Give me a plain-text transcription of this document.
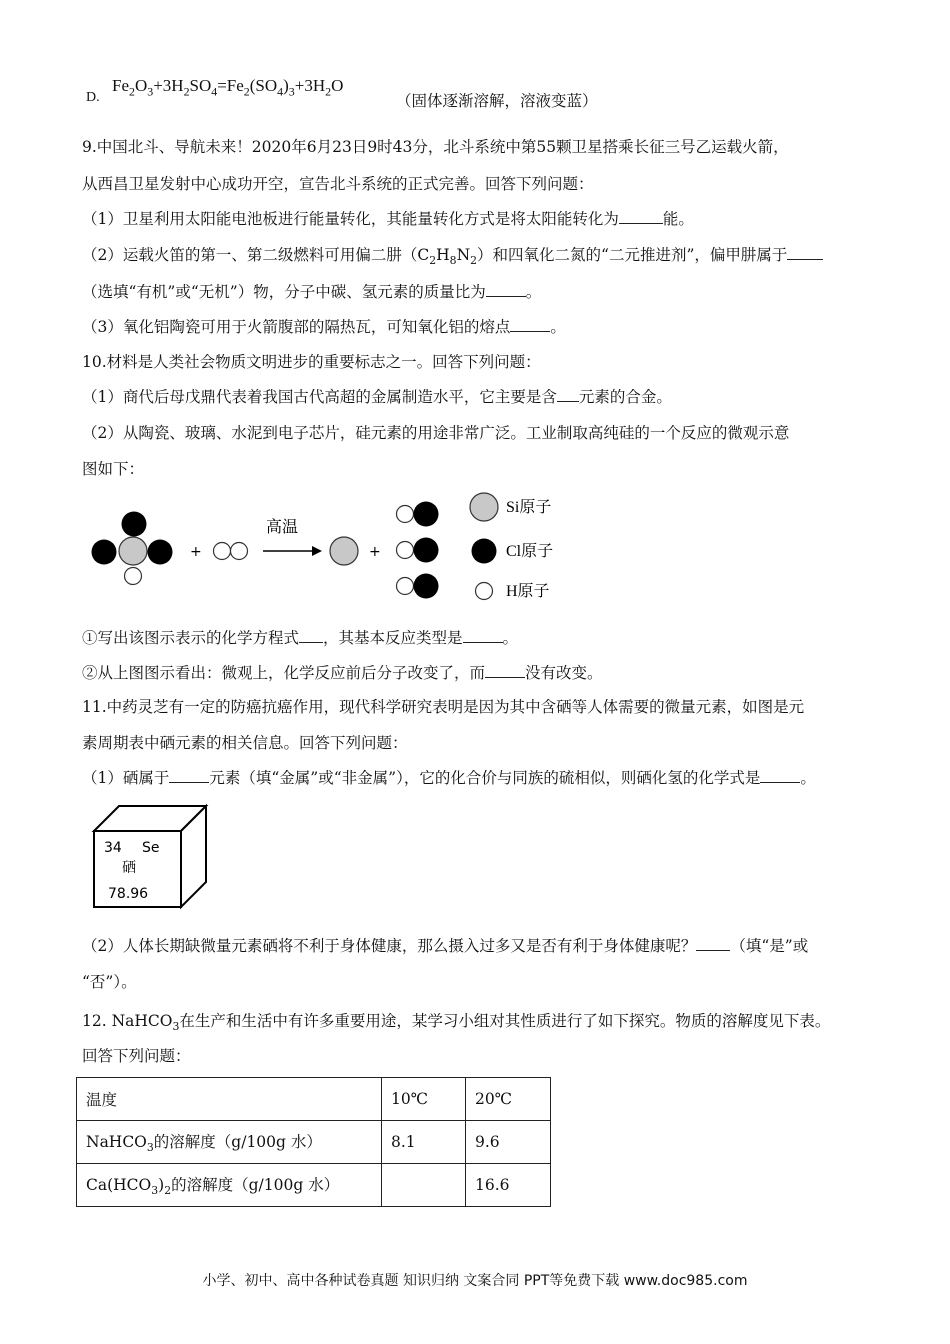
D.
$Fe_2O_3+3H_2SO_4=Fe_2(SO_4)_3+3H_2O$
（固体逐渐溶解，溶液变蓝）
9.中国北斗、导航未来！2020年6月23日9时43分，北斗系统中第55颗卫星搭乘长征三号乙运载火箭，
从西昌卫星发射中心成功开空，宣告北斗系统的正式完善。回答下列问题：
（1）卫星利用太阳能电池板进行能量转化，其能量转化方式是将太阳能转化为	能。
（2）运载火笛的第一、第二级燃料可用偏二肼$(C_2H_8N_2)$和四氧化二氮的“二元推进剂”，偏甲肼属于
（选填“有机”或“无机”）物，分子中碳、氢元素的质量比为	。
（3）氧化铝陶瓷可用于火箭腹部的隔热瓦，可知氧化铝的熔点	。
10.材料是人类社会物质文明进步的重要标志之一。回答下列问题：
（1）商代后母戊鼎代表着我国古代高超的金属制造水平，它主要是含 元素的合金。
（2）从陶瓷、玻璃、水泥到电子芯片，硅元素的用途非常广泛。工业制取高纯硅的一个反应的微观示意
图如下：
+
高温
+
Si原子
Cl原子
H原子
①写出该图示表示的化学方程式 ，其基本反应类型是	。
②从上图图示看出：微观上，化学反应前后分子改变了，而	没有改变。
11.中药灵芝有一定的防癌抗癌作用，现代科学研究表明是因为其中含硒等人体需要的微量元素，如图是元
素周期表中硒元素的相关信息。回答下列问题：
（1）硒属于	元素（填“金属”或“非金属”），它的化合价与同族的硫相似，则硒化氢的化学式是	。
34 Se
硒
78.96
（2）人体长期缺微量元素硒将不利于身体健康，那么摄入过多又是否有利于身体健康呢？ （填“是”或
“否”）。
12. NaHCO$_3$在生产和生活中有许多重要用途，某学习小组对其性质进行了如下探究。物质的溶解度见下表。
回答下列问题：
温度	10℃	20℃
NaHCO$_3$的溶解度（g/100g 水）	8.1	9.6
$Ca(HCO_3)_2$的溶解度（g/100g 水）		16.6
小学、初中、高中各种试卷真题 知识归纳 文案合同 PPT等免费下载 www.doc985.com
